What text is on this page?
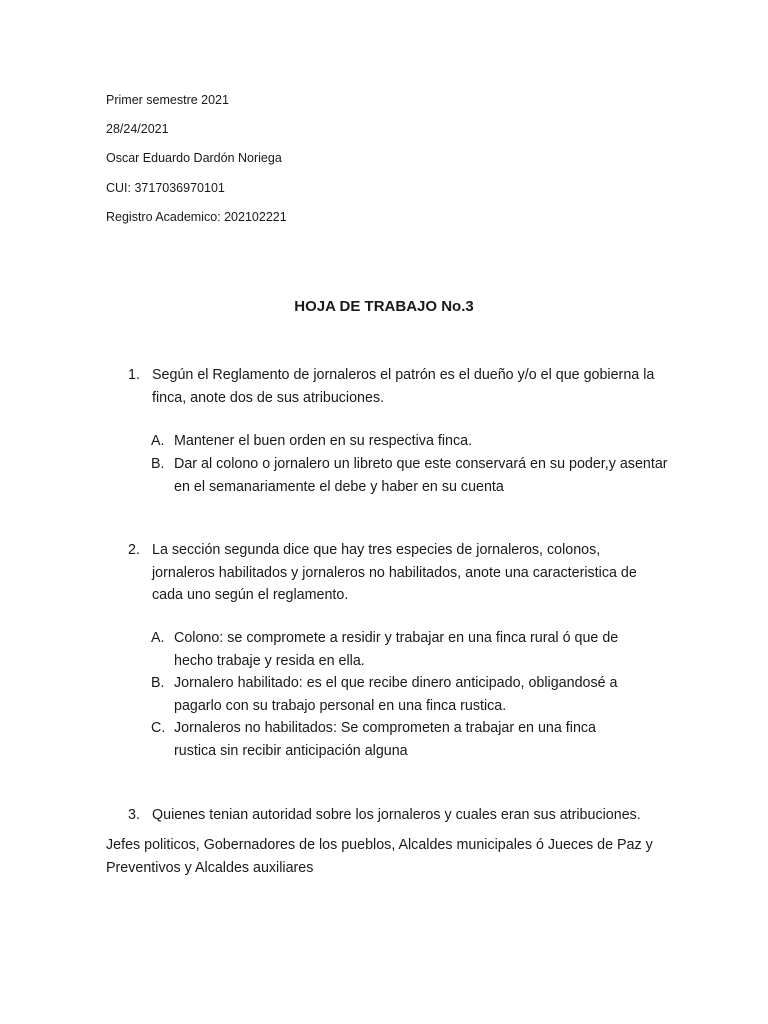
Primer semestre 2021

28/24/2021

Oscar Eduardo Dardón Noriega

CUI: 3717036970101

Registro Academico: 202102221

HOJA DE TRABAJO No.3
1. Según el Reglamento de jornaleros el patrón es el dueño y/o el que gobierna la finca, anote dos de sus atribuciones.

A. Mantener el buen orden en su respectiva finca.

B. Dar al colono o jornalero un libreto que este conservará en su poder,y asentar en el semanariamente el debe y haber en su cuenta

2. La sección segunda dice que hay tres especies de jornaleros, colonos, jornaleros habilitados y jornaleros no habilitados, anote una caracteristica de cada uno según el reglamento.

A. Colono: se compromete a residir y trabajar en una finca rural ó que de hecho trabaje y resida en ella.

B. Jornalero habilitado: es el que recibe dinero anticipado, obligandosé a pagarlo con su trabajo personal en una finca rustica.

C. Jornaleros no habilitados: Se comprometen a trabajar en una finca rustica sin recibir anticipación alguna

3. Quienes tenian autoridad sobre los jornaleros y cuales eran sus atribuciones.

Jefes politicos, Gobernadores de los pueblos, Alcaldes municipales ó Jueces de Paz y Preventivos y Alcaldes auxiliares
